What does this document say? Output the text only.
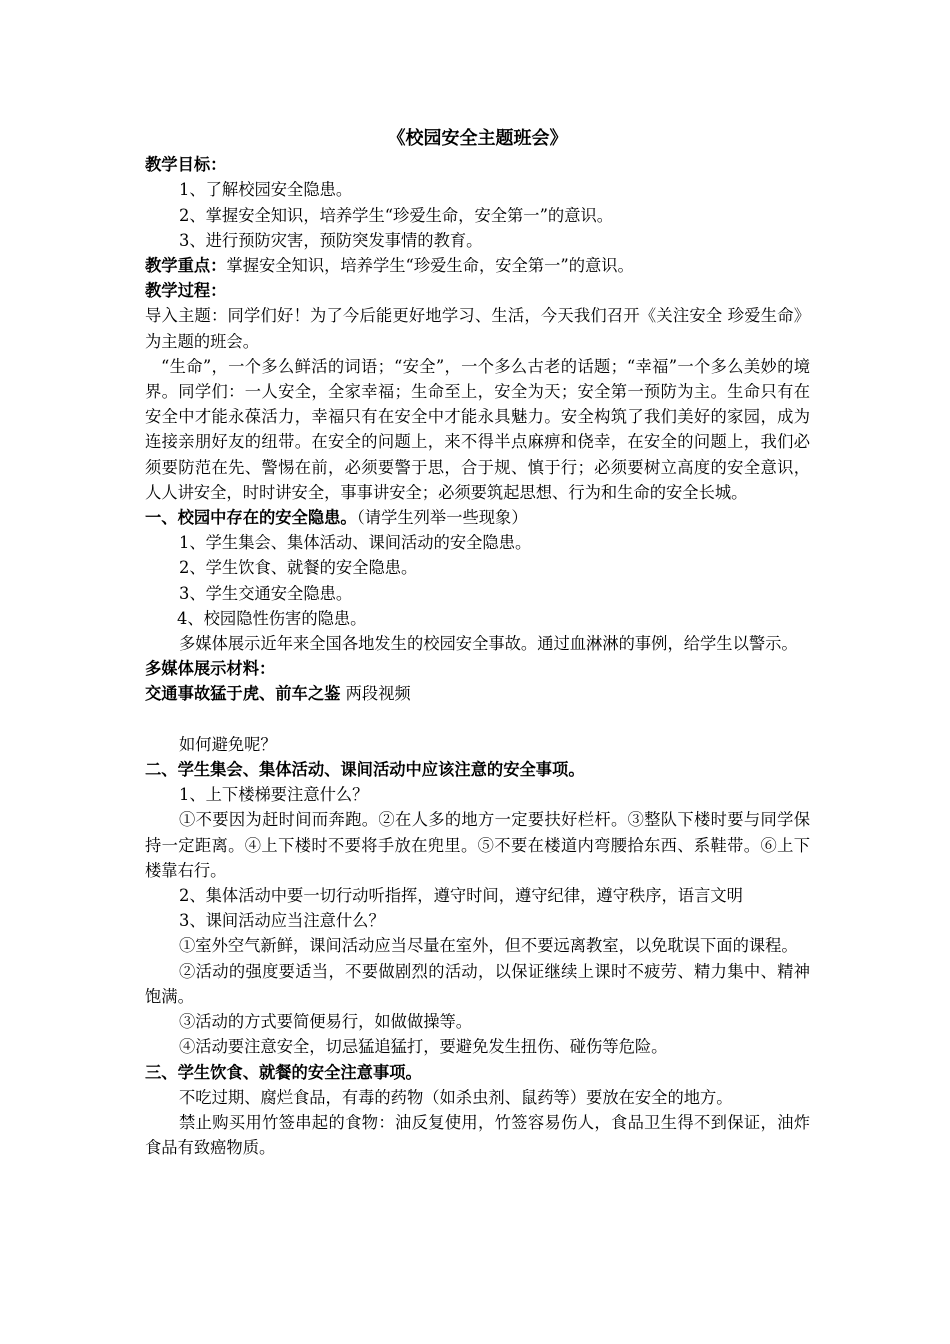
《校园安全主题班会》

教学目标：

1、了解校园安全隐患。

2、掌握安全知识，培养学生“珍爱生命，安全第一”的意识。

3、进行预防灾害，预防突发事情的教育。

教学重点：掌握安全知识，培养学生“珍爱生命，安全第一”的意识。

教学过程：

导入主题：同学们好！为了今后能更好地学习、生活，今天我们召开《关注安全 珍爱生命》为主题的班会。

“生命”，一个多么鲜活的词语；“安全”，一个多么古老的话题；“幸福”一个多么美妙的境界。同学们：一人安全，全家幸福；生命至上，安全为天；安全第一预防为主。生命只有在安全中才能永葆活力，幸福只有在安全中才能永具魅力。安全构筑了我们美好的家园，成为连接亲朋好友的纽带。在安全的问题上，来不得半点麻痹和侥幸，在安全的问题上，我们必须要防范在先、警惕在前，必须要警于思，合于规、慎于行；必须要树立高度的安全意识，人人讲安全，时时讲安全，事事讲安全；必须要筑起思想、行为和生命的安全长城。

一、校园中存在的安全隐患。（请学生列举一些现象）

1、学生集会、集体活动、课间活动的安全隐患。

2、学生饮食、就餐的安全隐患。

3、学生交通安全隐患。

4、校园隐性伤害的隐患。

多媒体展示近年来全国各地发生的校园安全事故。通过血淋淋的事例，给学生以警示。

多媒体展示材料：

交通事故猛于虎、前车之鉴 两段视频

如何避免呢？

二、学生集会、集体活动、课间活动中应该注意的安全事项。

1、上下楼梯要注意什么？

①不要因为赶时间而奔跑。②在人多的地方一定要扶好栏杆。③整队下楼时要与同学保持一定距离。④上下楼时不要将手放在兜里。⑤不要在楼道内弯腰拾东西、系鞋带。⑥上下楼靠右行。

2、集体活动中要一切行动听指挥，遵守时间，遵守纪律，遵守秩序，语言文明

3、课间活动应当注意什么？

①室外空气新鲜，课间活动应当尽量在室外，但不要远离教室，以免耽误下面的课程。

②活动的强度要适当，不要做剧烈的活动，以保证继续上课时不疲劳、精力集中、精神饱满。

③活动的方式要简便易行，如做做操等。

④活动要注意安全，切忌猛追猛打，要避免发生扭伤、碰伤等危险。

三、学生饮食、就餐的安全注意事项。

不吃过期、腐烂食品，有毒的药物（如杀虫剂、鼠药等）要放在安全的地方。

禁止购买用竹签串起的食物：油反复使用，竹签容易伤人，食品卫生得不到保证，油炸食品有致癌物质。
